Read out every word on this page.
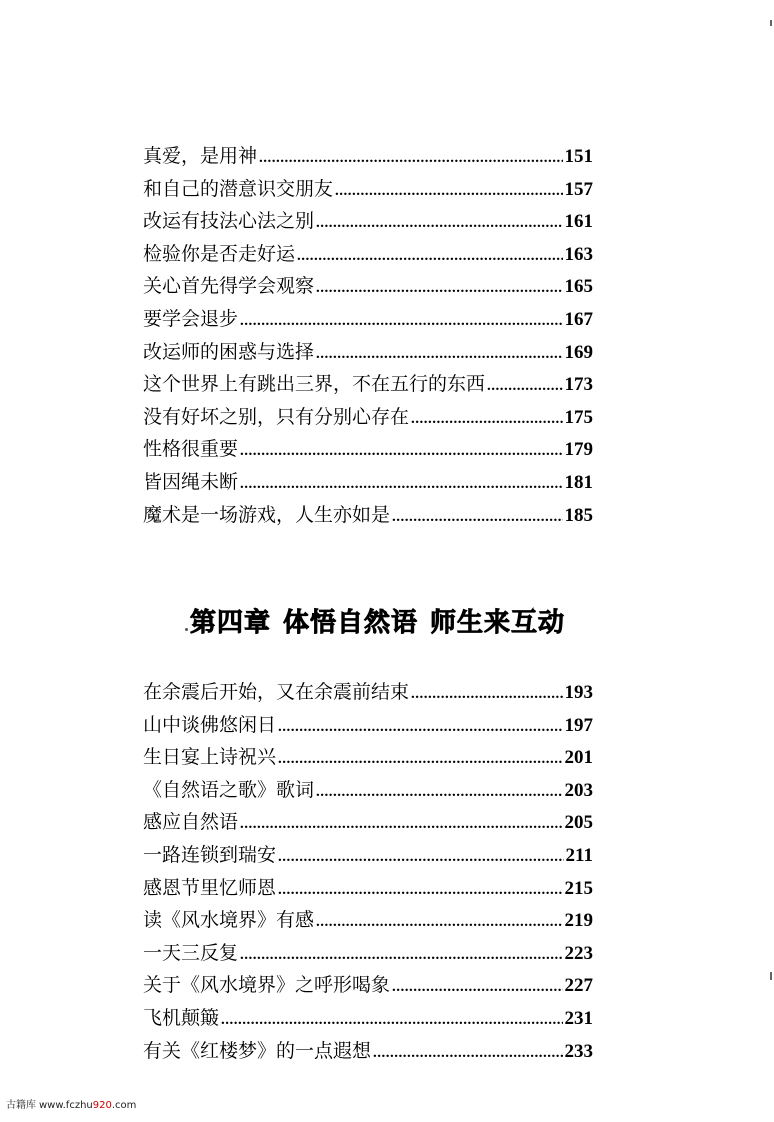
真爱，是用神 .....	151
和自己的潜意识交朋友 .....	157
改运有技法心法之别 .....	161
检验你是否走好运 .....	163
关心首先得学会观察 .....	165
要学会退步 .....	167
改运师的困惑与选择 .....	169
这个世界上有跳出三界，不在五行的东西 .....	173
没有好坏之别，只有分别心存在 .....	175
性格很重要 .....	179
皆因绳未断 .....	181
魔术是一场游戏，人生亦如是 .....	185
第四章 体悟自然语 师生来互动
在余震后开始，又在余震前结束 .....	193
山中谈佛悠闲日 .....	197
生日宴上诗祝兴 .....	201
《自然语之歌》歌词 .....	203
感应自然语 .....	205
一路连锁到瑞安 .....	211
感恩节里忆师恩 .....	215
读《风水境界》有感 .....	219
一天三反复 .....	223
关于《风水境界》之呼形喝象 .....	227
飞机颠簸 .....	231
有关《红楼梦》的一点遐想 .....	233
古籍库 www.fczhu920.com
